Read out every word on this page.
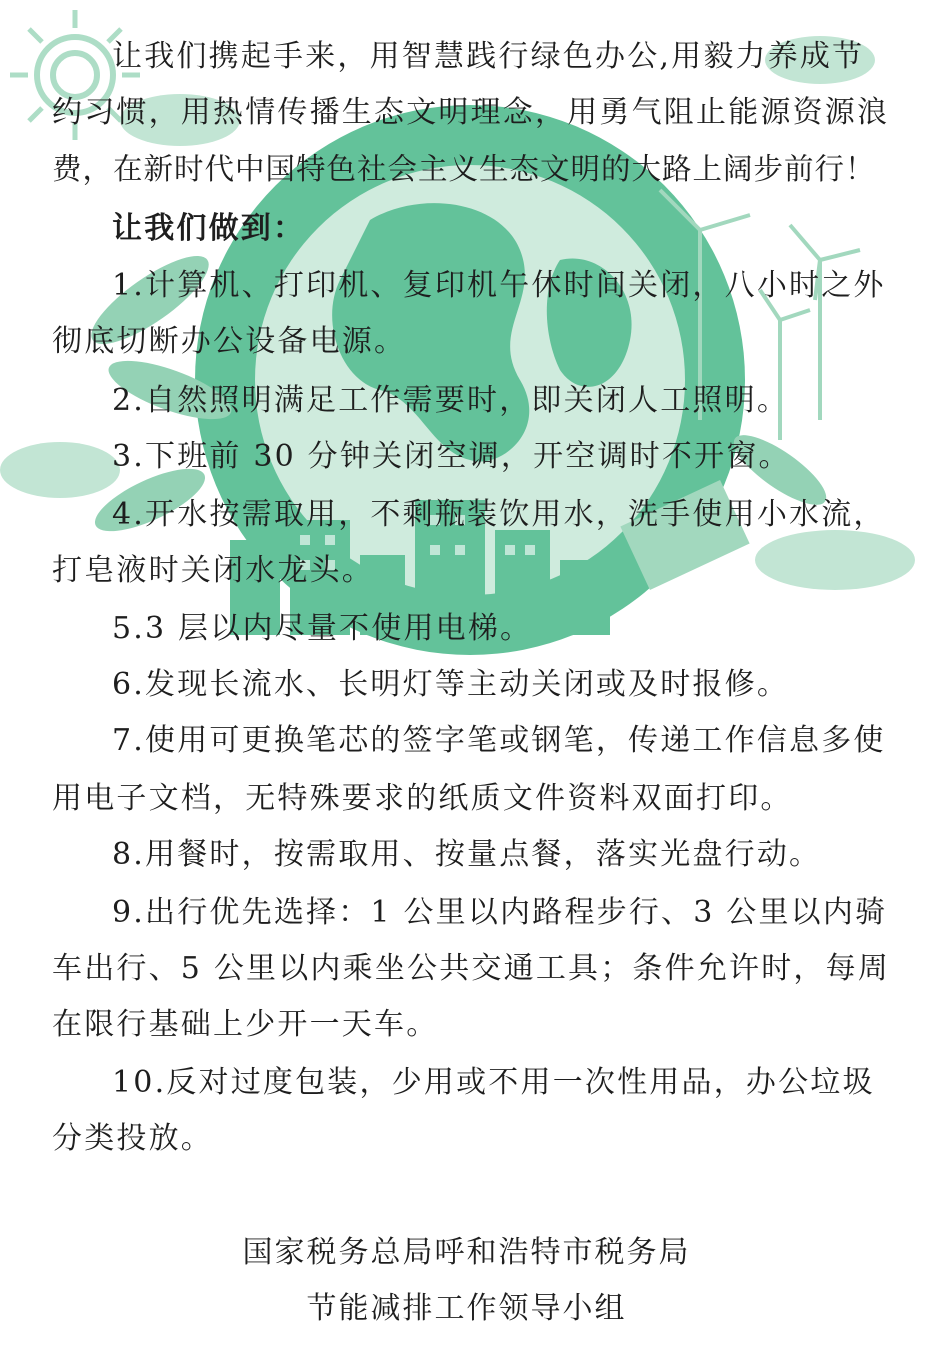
让我们携起手来，用智慧践行绿色办公,用毅力养成节

约习惯，用热情传播生态文明理念，用勇气阻止能源资源浪

费，在新时代中国特色社会主义生态文明的大路上阔步前行！

让我们做到：

1.计算机、打印机、复印机午休时间关闭，八小时之外

彻底切断办公设备电源。

2.自然照明满足工作需要时，即关闭人工照明。

3.下班前 30 分钟关闭空调，开空调时不开窗。

4.开水按需取用，不剩瓶装饮用水，洗手使用小水流，

打皂液时关闭水龙头。

5.3 层以内尽量不使用电梯。

6.发现长流水、长明灯等主动关闭或及时报修。

7.使用可更换笔芯的签字笔或钢笔，传递工作信息多使

用电子文档，无特殊要求的纸质文件资料双面打印。

8.用餐时，按需取用、按量点餐，落实光盘行动。

9.出行优先选择：1 公里以内路程步行、3 公里以内骑

车出行、5 公里以内乘坐公共交通工具；条件允许时，每周

在限行基础上少开一天车。

10.反对过度包装，少用或不用一次性用品，办公垃圾

分类投放。

国家税务总局呼和浩特市税务局

节能减排工作领导小组
